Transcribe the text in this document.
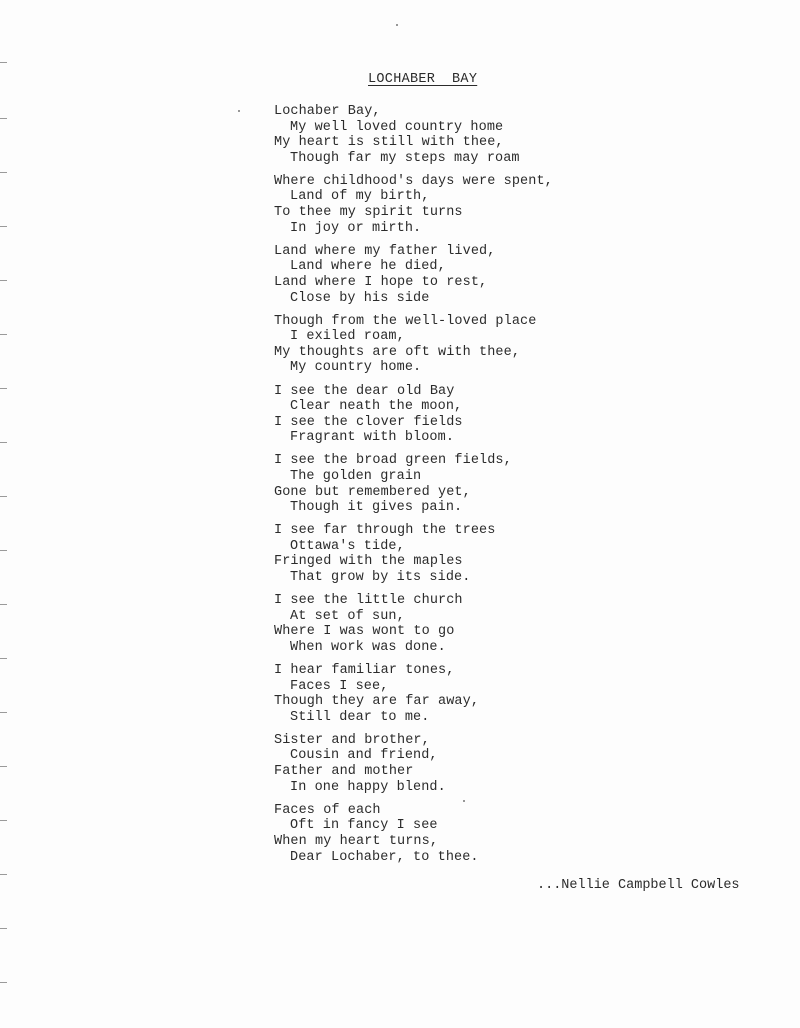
LOCHABER  BAY
Lochaber Bay,
My well loved country home
My heart is still with thee,
Though far my steps may roam
Where childhood's days were spent,
Land of my birth,
To thee my spirit turns
In joy or mirth.
Land where my father lived,
Land where he died,
Land where I hope to rest,
Close by his side
Though from the well-loved place
I exiled roam,
My thoughts are oft with thee,
My country home.
I see the dear old Bay
Clear neath the moon,
I see the clover fields
Fragrant with bloom.
I see the broad green fields,
The golden grain
Gone but remembered yet,
Though it gives pain.
I see far through the trees
Ottawa's tide,
Fringed with the maples
That grow by its side.
I see the little church
At set of sun,
Where I was wont to go
When work was done.
I hear familiar tones,
Faces I see,
Though they are far away,
Still dear to me.
Sister and brother,
Cousin and friend,
Father and mother
In one happy blend.
Faces of each
Oft in fancy I see
When my heart turns,
Dear Lochaber, to thee.
...Nellie Campbell Cowles
